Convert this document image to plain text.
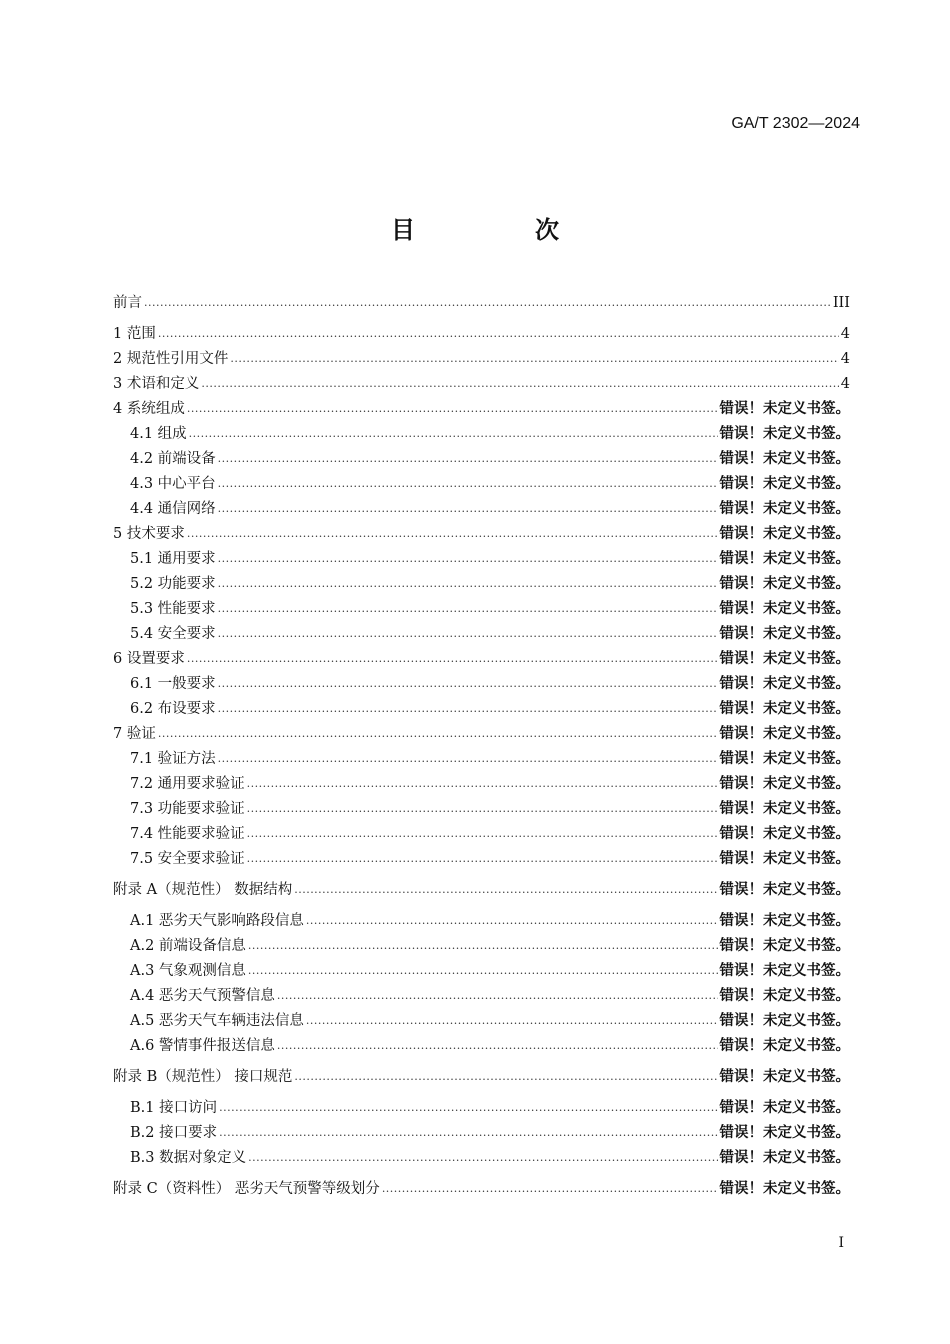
GA/T 2302—2024
目　次
前言 .....	III
1 范围 .....	4
2 规范性引用文件 .....	4
3 术语和定义 .....	4
4 系统组成 .....	错误！未定义书签。
4.1 组成 .....	错误！未定义书签。
4.2 前端设备 .....	错误！未定义书签。
4.3 中心平台 .....	错误！未定义书签。
4.4 通信网络 .....	错误！未定义书签。
5 技术要求 .....	错误！未定义书签。
5.1 通用要求 .....	错误！未定义书签。
5.2 功能要求 .....	错误！未定义书签。
5.3 性能要求 .....	错误！未定义书签。
5.4 安全要求 .....	错误！未定义书签。
6 设置要求 .....	错误！未定义书签。
6.1 一般要求 .....	错误！未定义书签。
6.2 布设要求 .....	错误！未定义书签。
7 验证 .....	错误！未定义书签。
7.1 验证方法 .....	错误！未定义书签。
7.2 通用要求验证 .....	错误！未定义书签。
7.3 功能要求验证 .....	错误！未定义书签。
7.4 性能要求验证 .....	错误！未定义书签。
7.5 安全要求验证 .....	错误！未定义书签。
附录 A（规范性） 数据结构 .....	错误！未定义书签。
A.1 恶劣天气影响路段信息 .....	错误！未定义书签。
A.2 前端设备信息 .....	错误！未定义书签。
A.3 气象观测信息 .....	错误！未定义书签。
A.4 恶劣天气预警信息 .....	错误！未定义书签。
A.5 恶劣天气车辆违法信息 .....	错误！未定义书签。
A.6 警情事件报送信息 .....	错误！未定义书签。
附录 B（规范性） 接口规范 .....	错误！未定义书签。
B.1 接口访问 .....	错误！未定义书签。
B.2 接口要求 .....	错误！未定义书签。
B.3 数据对象定义 .....	错误！未定义书签。
附录 C（资料性） 恶劣天气预警等级划分 .....	错误！未定义书签。
I
